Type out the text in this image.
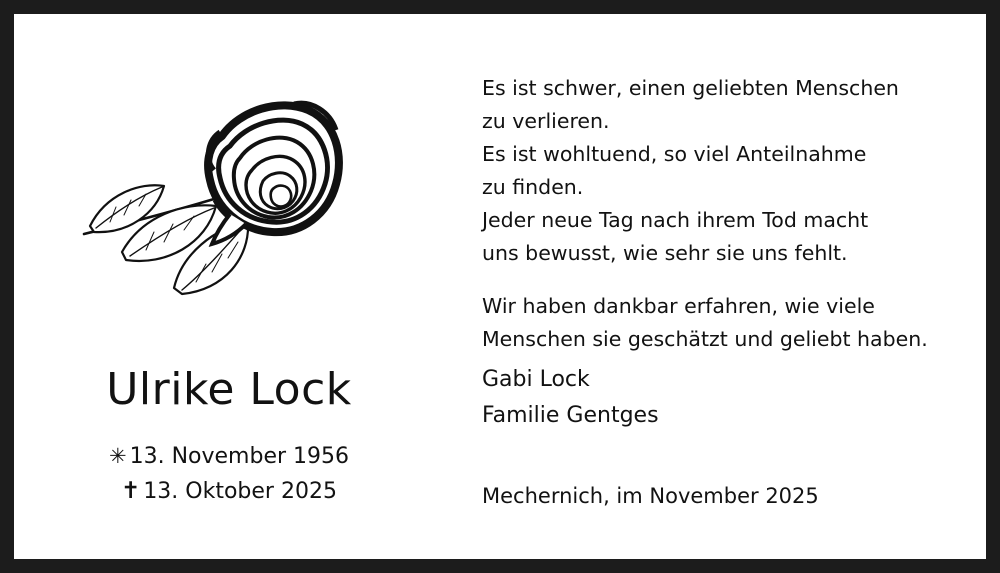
Ulrike Lock
✳ 13. November 1956
✝ 13. Oktober 2025

Es ist schwer, einen geliebten Menschen

zu verlieren.

Es ist wohltuend, so viel Anteilnahme

zu finden.

Jeder neue Tag nach ihrem Tod macht

uns bewusst, wie sehr sie uns fehlt.

Wir haben dankbar erfahren, wie viele

Menschen sie geschätzt und geliebt haben.

Gabi Lock

Familie Gentges

Mechernich, im November 2025
